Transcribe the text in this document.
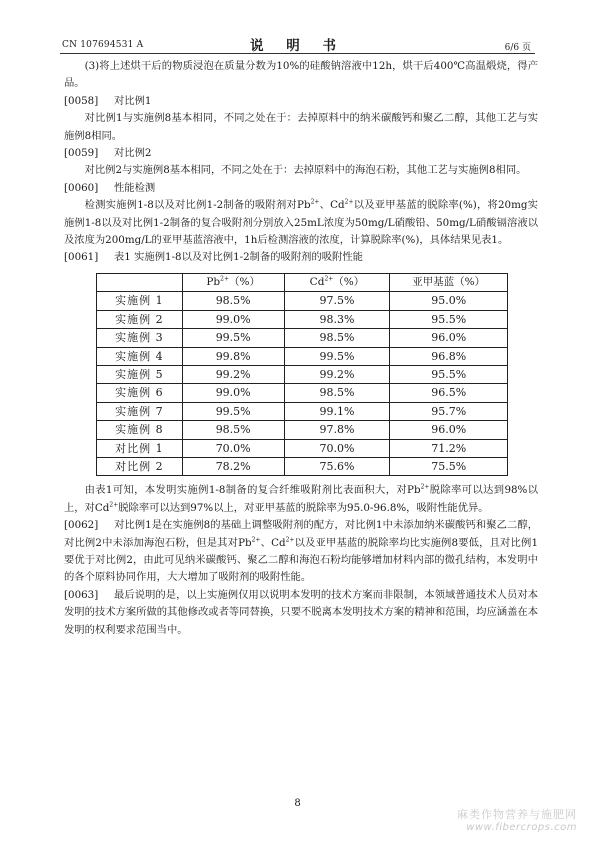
CN 107694531 A	说 明 书	6/6 页

(3)将上述烘干后的物质浸泡在质量分数为10%的硅酸钠溶液中12h，烘干后400℃高温煅烧，得产品。

[0058] 对比例1

对比例1与实施例8基本相同，不同之处在于：去掉原料中的纳米碳酸钙和聚乙二醇，其他工艺与实施例8相同。

[0059] 对比例2

对比例2与实施例8基本相同，不同之处在于：去掉原料中的海泡石粉，其他工艺与实施例8相同。

[0060] 性能检测

检测实施例1-8以及对比例1-2制备的吸附剂对$Pb^{2+}$、$Cd^{2+}$以及亚甲基蓝的脱除率(%)，将20mg实施例1-8以及对比例1-2制备的复合吸附剂分别放入25mL浓度为50mg/L硝酸铅、50mg/L硝酸镉溶液以及浓度为200mg/L的亚甲基蓝溶液中，1h后检测溶液的浓度，计算脱除率(%)，具体结果见表1。

[0061] 表1 实施例1-8以及对比例1-2制备的吸附剂的吸附性能

	$Pb^{2+}(\%)$	$Cd^{2+}(\%)$	亚甲基蓝（%）
实施例 1	98.5%	97.5%	95.0%
实施例 2	99.0%	98.3%	95.5%
实施例 3	99.5%	98.5%	96.0%
实施例 4	99.8%	99.5%	96.8%
实施例 5	99.2%	99.2%	95.5%
实施例 6	99.0%	98.5%	96.5%
实施例 7	99.5%	99.1%	95.7%
实施例 8	98.5%	97.8%	96.0%
对比例 1	70.0%	70.0%	71.2%
对比例 2	78.2%	75.6%	75.5%

由表1可知，本发明实施例1-8制备的复合纤维吸附剂比表面积大，对$Pb^{2+}$脱除率可以达到98%以上，对$Cd^{2+}$脱除率可以达到97%以上，对亚甲基蓝的脱除率为95.0-96.8%，吸附性能优异。

[0062] 对比例1是在实施例8的基础上调整吸附剂的配方，对比例1中未添加纳米碳酸钙和聚乙二醇，对比例2中未添加海泡石粉，但是其对$Pb^{2+}$、$Cd^{2+}$以及亚甲基蓝的脱除率均比实施例8要低，且对比例1要优于对比例2，由此可见纳米碳酸钙、聚乙二醇和海泡石粉均能够增加材料内部的微孔结构，本发明中的各个原料协同作用，大大增加了吸附剂的吸附性能。

[0063] 最后说明的是，以上实施例仅用以说明本发明的技术方案而非限制，本领域普通技术人员对本发明的技术方案所做的其他修改或者等同替换，只要不脱离本发明技术方案的精神和范围，均应涵盖在本发明的权利要求范围当中。

8
麻类作物营养与施肥网
www.fibercrops.com
